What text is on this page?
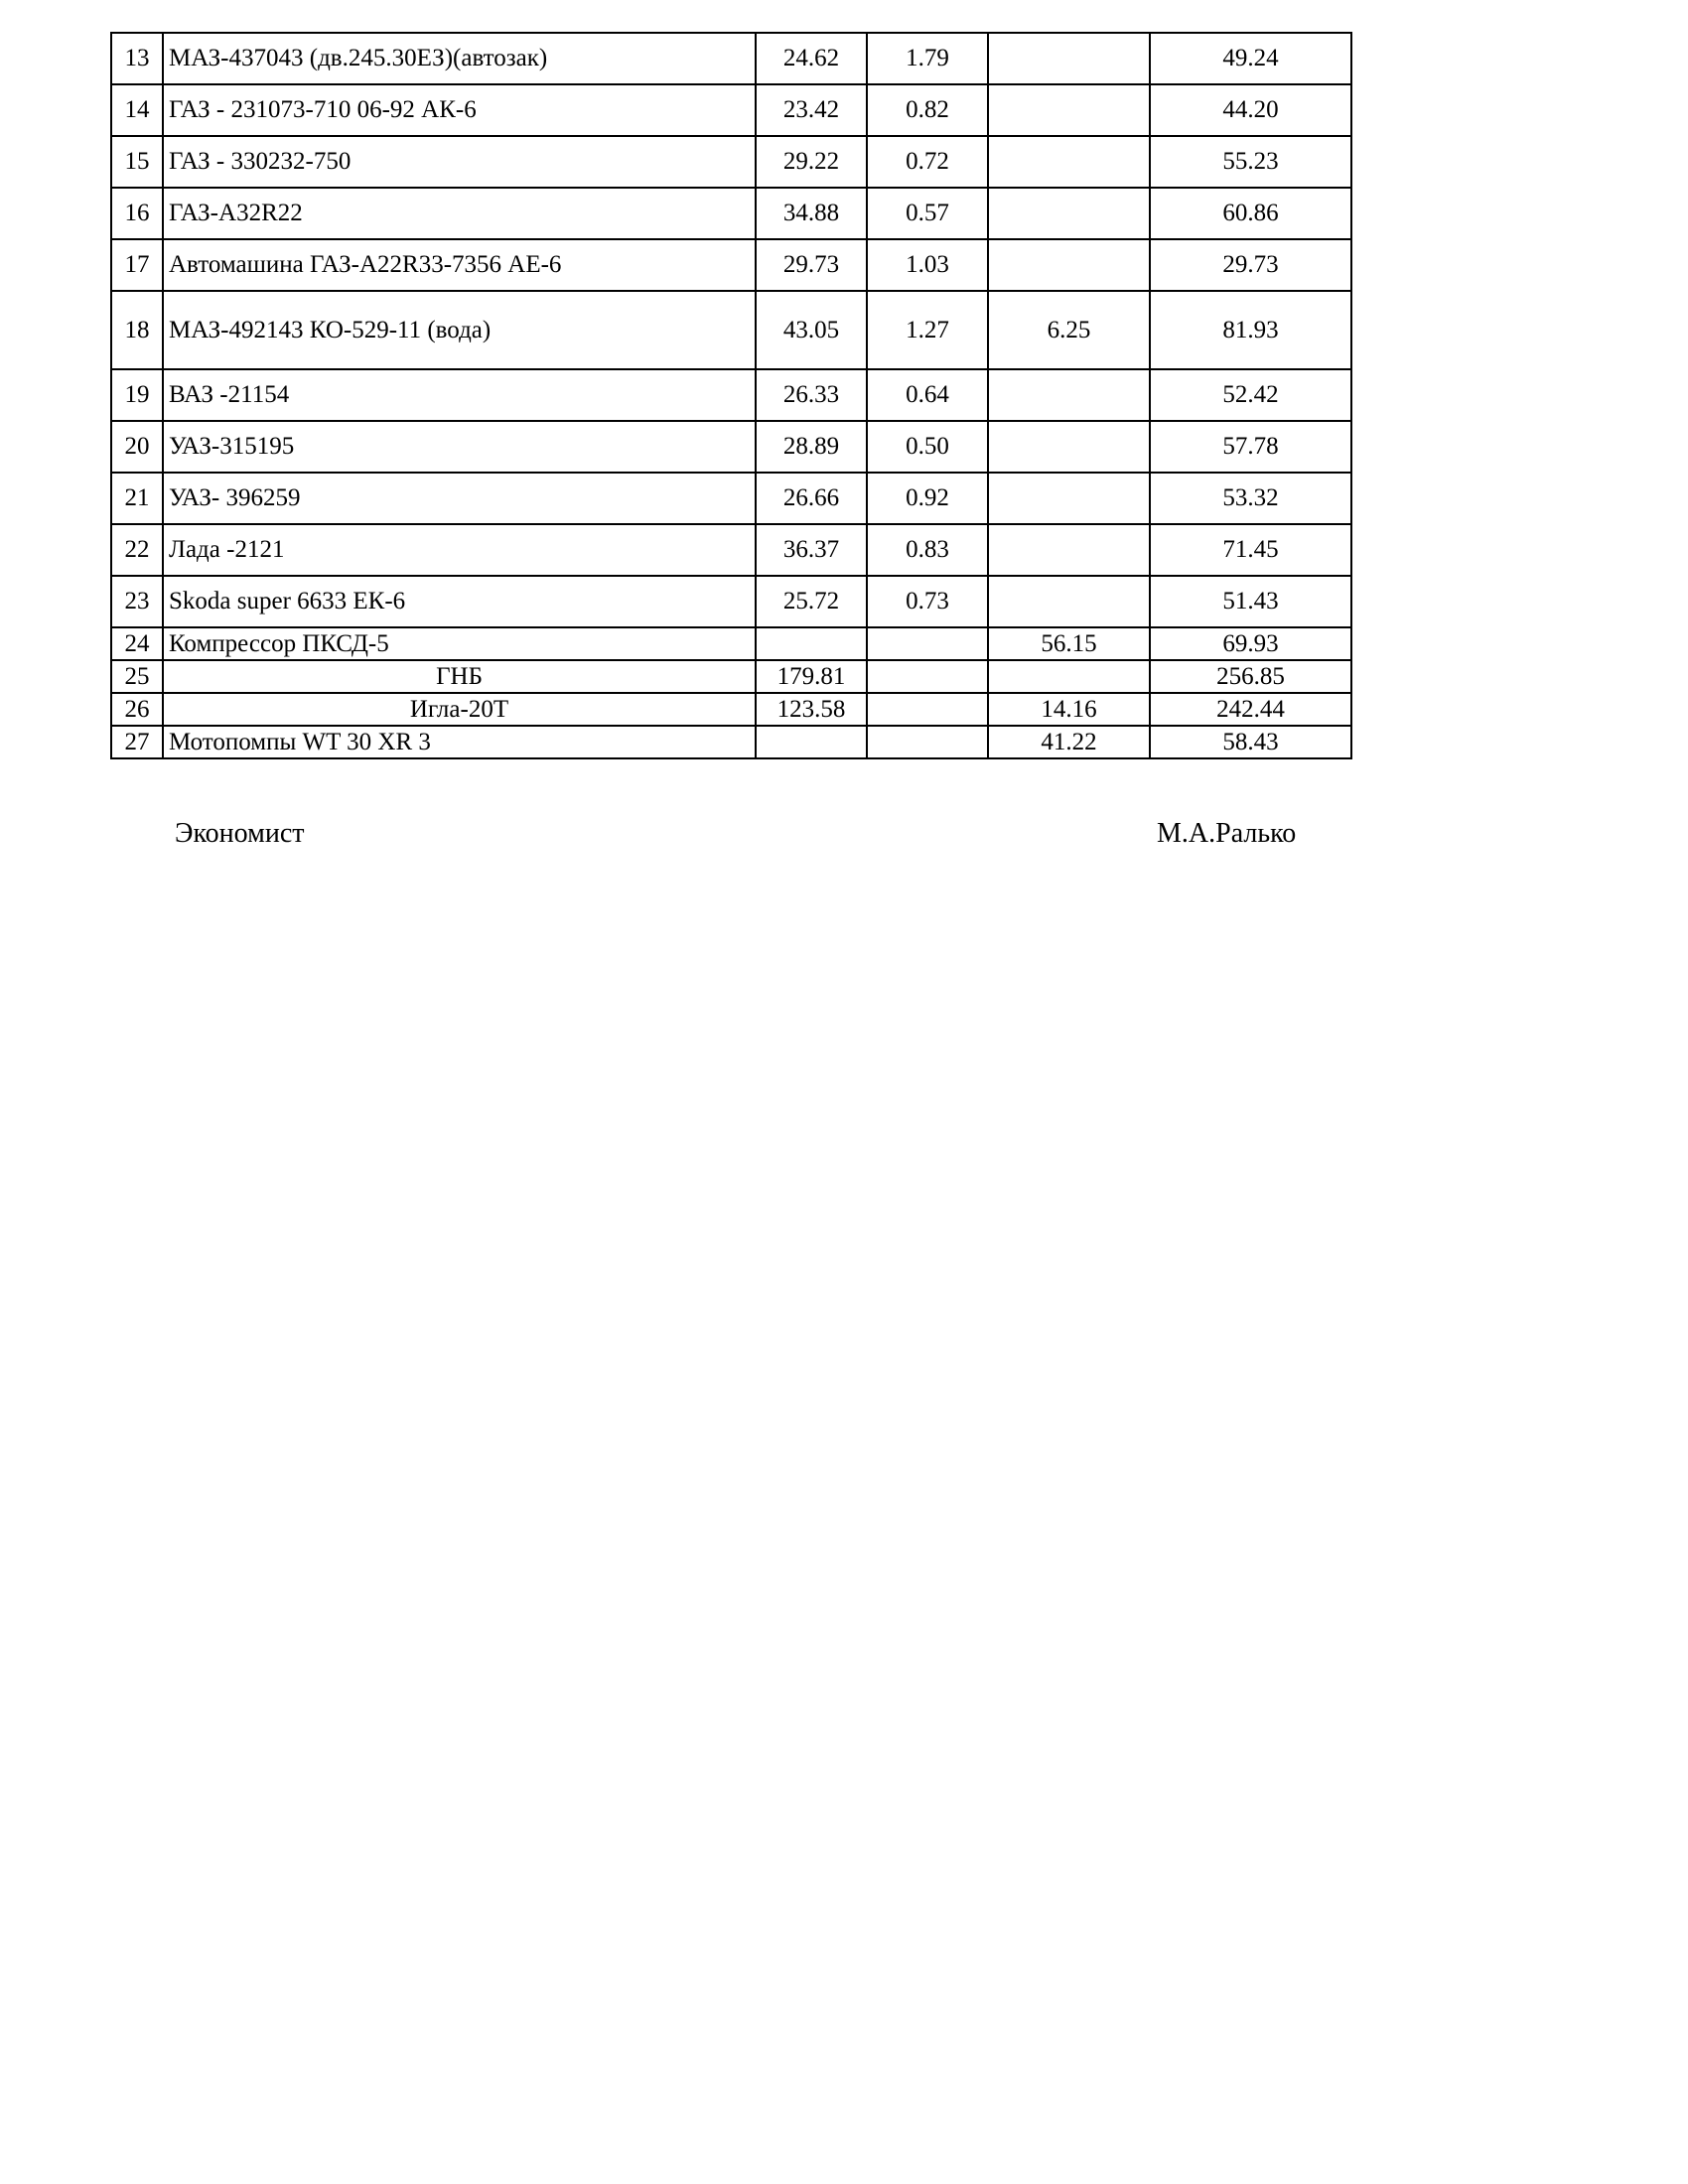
13	МАЗ-437043 (дв.245.30ЕЗ)(автозак)	24.62	1.79		49.24
14	ГАЗ - 231073-710 06-92 АК-6	23.42	0.82		44.20
15	ГАЗ - 330232-750	29.22	0.72		55.23
16	ГАЗ-А32R22	34.88	0.57		60.86
17	Автомашина ГАЗ-А22R33-7356 АЕ-6	29.73	1.03		29.73
18	МАЗ-492143 КО-529-11 (вода)	43.05	1.27	6.25	81.93
19	ВАЗ -21154	26.33	0.64		52.42
20	УАЗ-315195	28.89	0.50		57.78
21	УАЗ- 396259	26.66	0.92		53.32
22	Лада -2121	36.37	0.83		71.45
23	Skoda super 6633 ЕК-6	25.72	0.73		51.43
24	Компрессор ПКСД-5			56.15	69.93
25	ГНБ	179.81			256.85
26	Игла-20Т	123.58		14.16	242.44
27	Мотопомпы WT 30 XR 3			41.22	58.43
Экономист	М.А.Ралько
